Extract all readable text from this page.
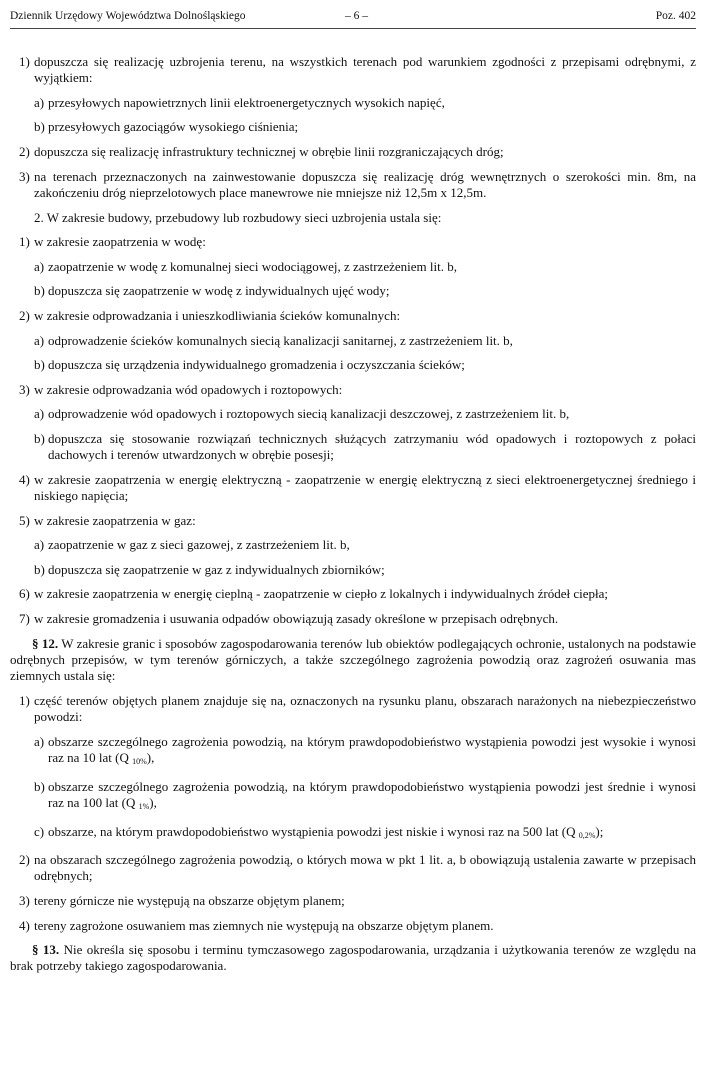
Dziennik Urzędowy Województwa Dolnośląskiego	– 6 –	Poz. 402

1) dopuszcza się realizację uzbrojenia terenu, na wszystkich terenach pod warunkiem zgodności z przepisami odrębnymi, z wyjątkiem:

a) przesyłowych napowietrznych linii elektroenergetycznych wysokich napięć,

b) przesyłowych gazociągów wysokiego ciśnienia;

2) dopuszcza się realizację infrastruktury technicznej w obrębie linii rozgraniczających dróg;

3) na terenach przeznaczonych na zainwestowanie dopuszcza się realizację dróg wewnętrznych o szerokości min. 8m, na zakończeniu dróg nieprzelotowych place manewrowe nie mniejsze niż 12,5m x 12,5m.

2. W zakresie budowy, przebudowy lub rozbudowy sieci uzbrojenia ustala się:

1) w zakresie zaopatrzenia w wodę:

a) zaopatrzenie w wodę z komunalnej sieci wodociągowej, z zastrzeżeniem lit. b,

b) dopuszcza się zaopatrzenie w wodę z indywidualnych ujęć wody;

2) w zakresie odprowadzania i unieszkodliwiania ścieków komunalnych:

a) odprowadzenie ścieków komunalnych siecią kanalizacji sanitarnej, z zastrzeżeniem lit. b,

b) dopuszcza się urządzenia indywidualnego gromadzenia i oczyszczania ścieków;

3) w zakresie odprowadzania wód opadowych i roztopowych:

a) odprowadzenie wód opadowych i roztopowych siecią kanalizacji deszczowej, z zastrzeżeniem lit. b,

b) dopuszcza się stosowanie rozwiązań technicznych służących zatrzymaniu wód opadowych i roztopowych z połaci dachowych i terenów utwardzonych w obrębie posesji;

4) w zakresie zaopatrzenia w energię elektryczną - zaopatrzenie w energię elektryczną z sieci elektroenergetycznej średniego i niskiego napięcia;

5) w zakresie zaopatrzenia w gaz:

a) zaopatrzenie w gaz z sieci gazowej, z zastrzeżeniem lit. b,

b) dopuszcza się zaopatrzenie w gaz z indywidualnych zbiorników;

6) w zakresie zaopatrzenia w energię cieplną - zaopatrzenie w ciepło z lokalnych i indywidualnych źródeł ciepła;

7) w zakresie gromadzenia i usuwania odpadów obowiązują zasady określone w przepisach odrębnych.

§ 12. W zakresie granic i sposobów zagospodarowania terenów lub obiektów podlegających ochronie, ustalonych na podstawie odrębnych przepisów, w tym terenów górniczych, a także szczególnego zagrożenia powodzią oraz zagrożeń osuwania mas ziemnych ustala się:

1) część terenów objętych planem znajduje się na, oznaczonych na rysunku planu, obszarach narażonych na niebezpieczeństwo powodzi:

a) obszarze szczególnego zagrożenia powodzią, na którym prawdopodobieństwo wystąpienia powodzi jest wysokie i wynosi raz na 10 lat (Q $_{10\%}$),

b) obszarze szczególnego zagrożenia powodzią, na którym prawdopodobieństwo wystąpienia powodzi jest średnie i wynosi raz na 100 lat (Q $_{1\%}$),

c) obszarze, na którym prawdopodobieństwo wystąpienia powodzi jest niskie i wynosi raz na 500 lat (Q $_{0,2\%}$);

2) na obszarach szczególnego zagrożenia powodzią, o których mowa w pkt 1 lit. a, b obowiązują ustalenia zawarte w przepisach odrębnych;

3) tereny górnicze nie występują na obszarze objętym planem;

4) tereny zagrożone osuwaniem mas ziemnych nie występują na obszarze objętym planem.

§ 13. Nie określa się sposobu i terminu tymczasowego zagospodarowania, urządzania i użytkowania terenów ze względu na brak potrzeby takiego zagospodarowania.
